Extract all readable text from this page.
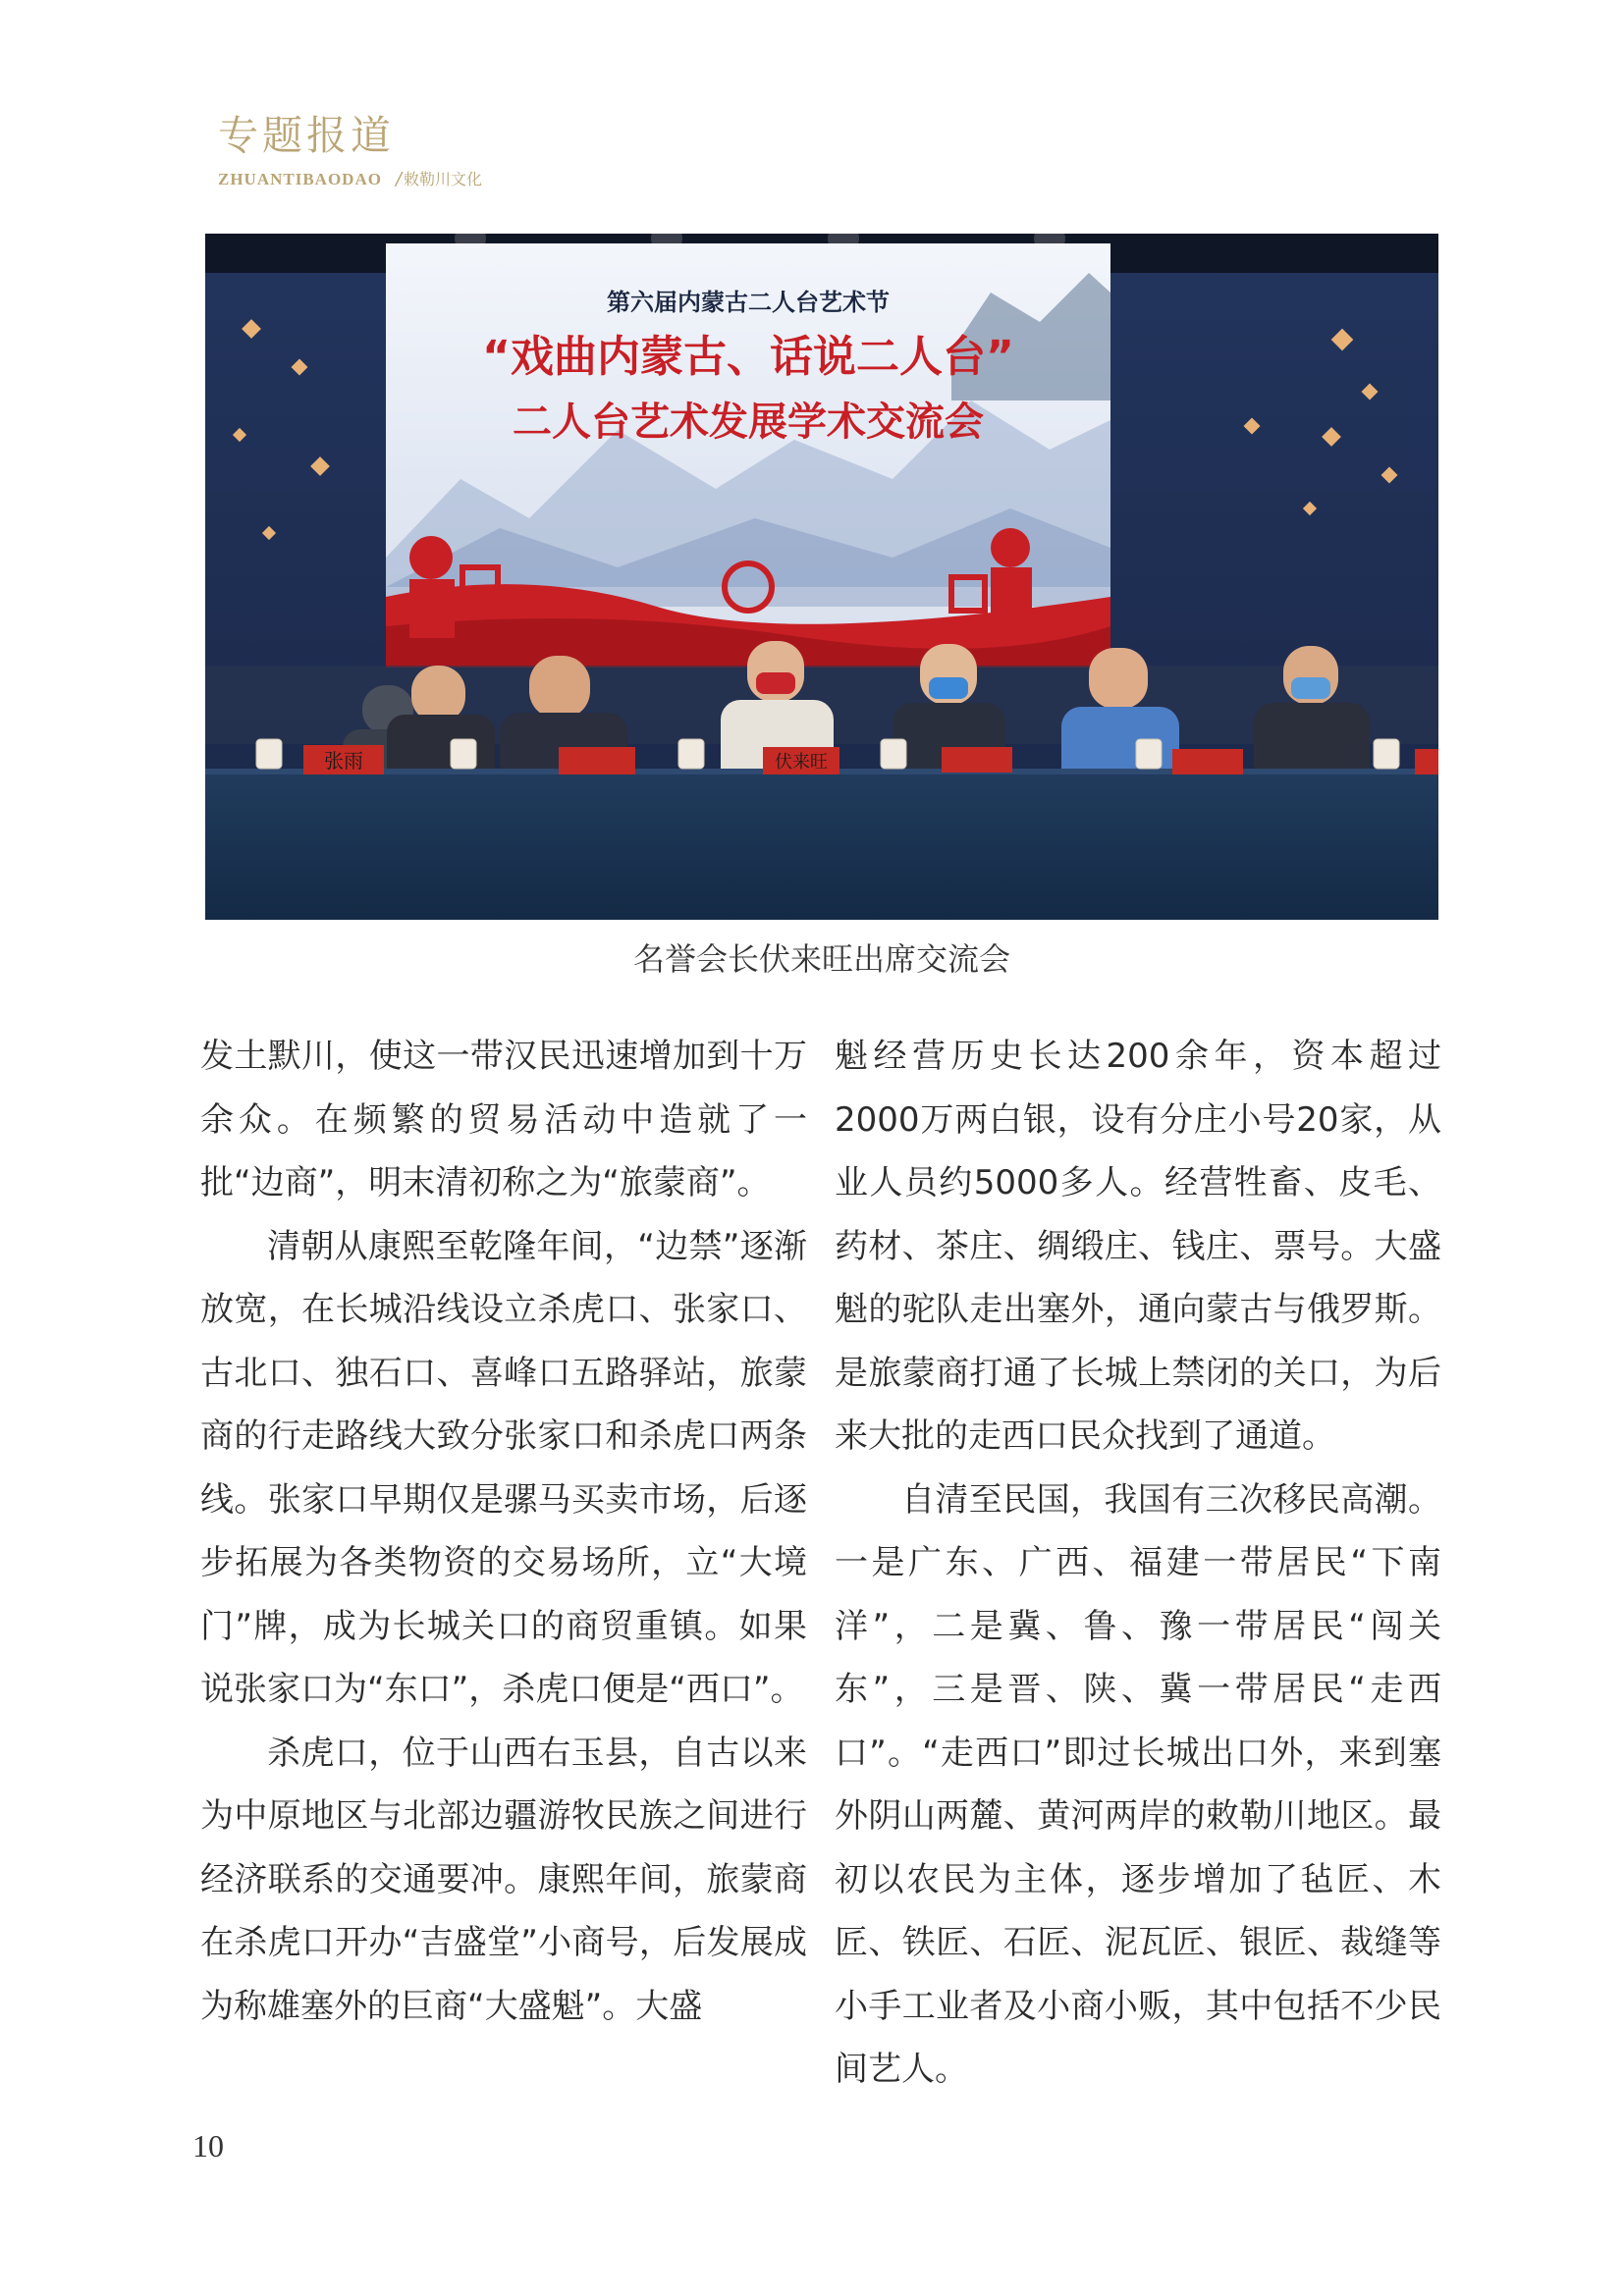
专题报道
ZHUANTIBAODAO / 敕勒川文化
第六届内蒙古二人台艺术节
“戏曲内蒙古、话说二人台”
二人台艺术发展学术交流会
张雨	伏来旺
名誉会长伏来旺出席交流会

发土默川，使这一带汉民迅速增加到十万余众。在频繁的贸易活动中造就了一批“边商”，明末清初称之为“旅蒙商”。

清朝从康熙至乾隆年间，“边禁”逐渐放宽，在长城沿线设立杀虎口、张家口、古北口、独石口、喜峰口五路驿站，旅蒙商的行走路线大致分张家口和杀虎口两条线。张家口早期仅是骡马买卖市场，后逐步拓展为各类物资的交易场所，立“大境门”牌，成为长城关口的商贸重镇。如果说张家口为“东口”，杀虎口便是“西口”。

杀虎口，位于山西右玉县，自古以来为中原地区与北部边疆游牧民族之间进行经济联系的交通要冲。康熙年间，旅蒙商在杀虎口开办“吉盛堂”小商号，后发展成为称雄塞外的巨商“大盛魁”。大盛

魁经营历史长达200余年，资本超过2000万两白银，设有分庄小号20家，从业人员约5000多人。经营牲畜、皮毛、药材、茶庄、绸缎庄、钱庄、票号。大盛魁的驼队走出塞外，通向蒙古与俄罗斯。是旅蒙商打通了长城上禁闭的关口，为后来大批的走西口民众找到了通道。

自清至民国，我国有三次移民高潮。一是广东、广西、福建一带居民“下南洋”，二是冀、鲁、豫一带居民“闯关东”，三是晋、陕、冀一带居民“走西口”。“走西口”即过长城出口外，来到塞外阴山两麓、黄河两岸的敕勒川地区。最初以农民为主体，逐步增加了毡匠、木匠、铁匠、石匠、泥瓦匠、银匠、裁缝等小手工业者及小商小贩，其中包括不少民间艺人。

10
